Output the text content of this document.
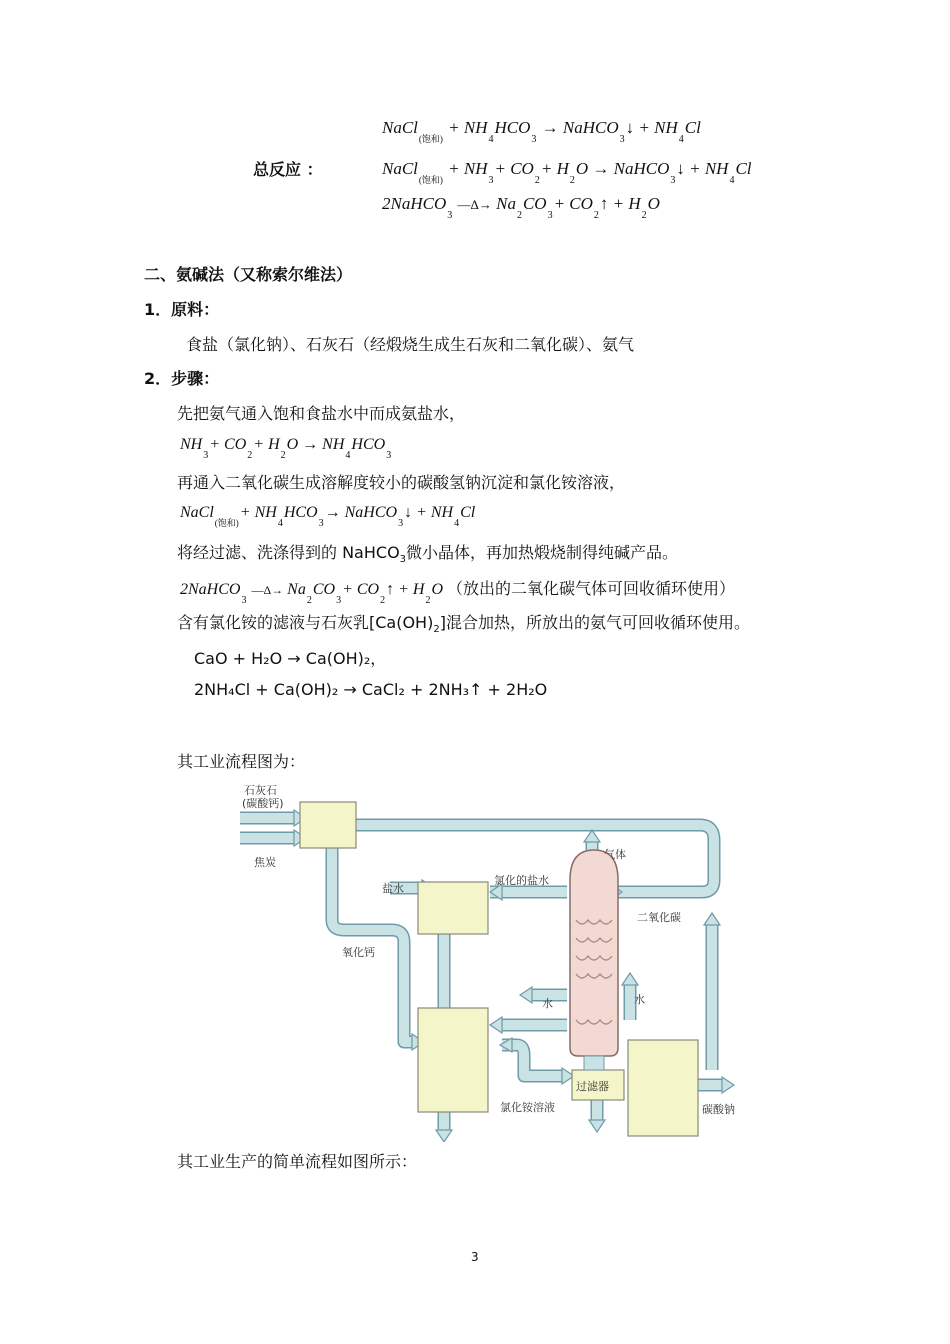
总反应 ：
NaCl$_{(饱和)}$ + $NH_4HCO_3$ → NaHCO$_3$↓ + $NH_4Cl$
NaCl$_{(饱和)}$ + $NH_3+ CO_2+ H_2O$ → NaHCO$_3$↓ + $NH_4Cl$
2NaHCO$_3$ —Δ→ $Na_2CO_3+$ $CO_2↑ + H_2O$
二、氨碱法（又称索尔维法）
1．原料：
食盐（氯化钠）、石灰石（经煅烧生成生石灰和二氧化碳）、氨气
2．步骤：
先把氨气通入饱和食盐水中而成氨盐水，
$NH_3+ CO_2+ H_2O \to NH_4HCO_3$
再通入二氧化碳生成溶解度较小的碳酸氢钠沉淀和氯化铵溶液，
NaCl$_{(饱和)}$+ $NH_4HCO_3\to$ NaHCO$_3$↓ + $NH_4Cl$
将经过滤、洗涤得到的 NaHCO$_3$微小晶体，再加热煅烧制得纯碱产品。
2NaHCO$_3$ —Δ→ $Na_2CO_3+$ $CO_2↑ + H_2O$ （放出的二氧化碳气体可回收循环使用）
含有氯化铵的滤液与石灰乳$[Ca(OH)_2]$混合加热，所放出的氨气可回收循环使用。
CaO + H₂O → Ca(OH)₂，
2NH₄Cl + Ca(OH)₂ → CaCl₂ + 2NH₃↑ + 2H₂O
其工业流程图为：
石灰石
(碳酸钙)
焦炭
盐水
氯化的盐水
气体
二氧化碳
氧化钙
水	水
过滤器
氯化铵溶液	碳酸钠
其工业生产的简单流程如图所示：
3
